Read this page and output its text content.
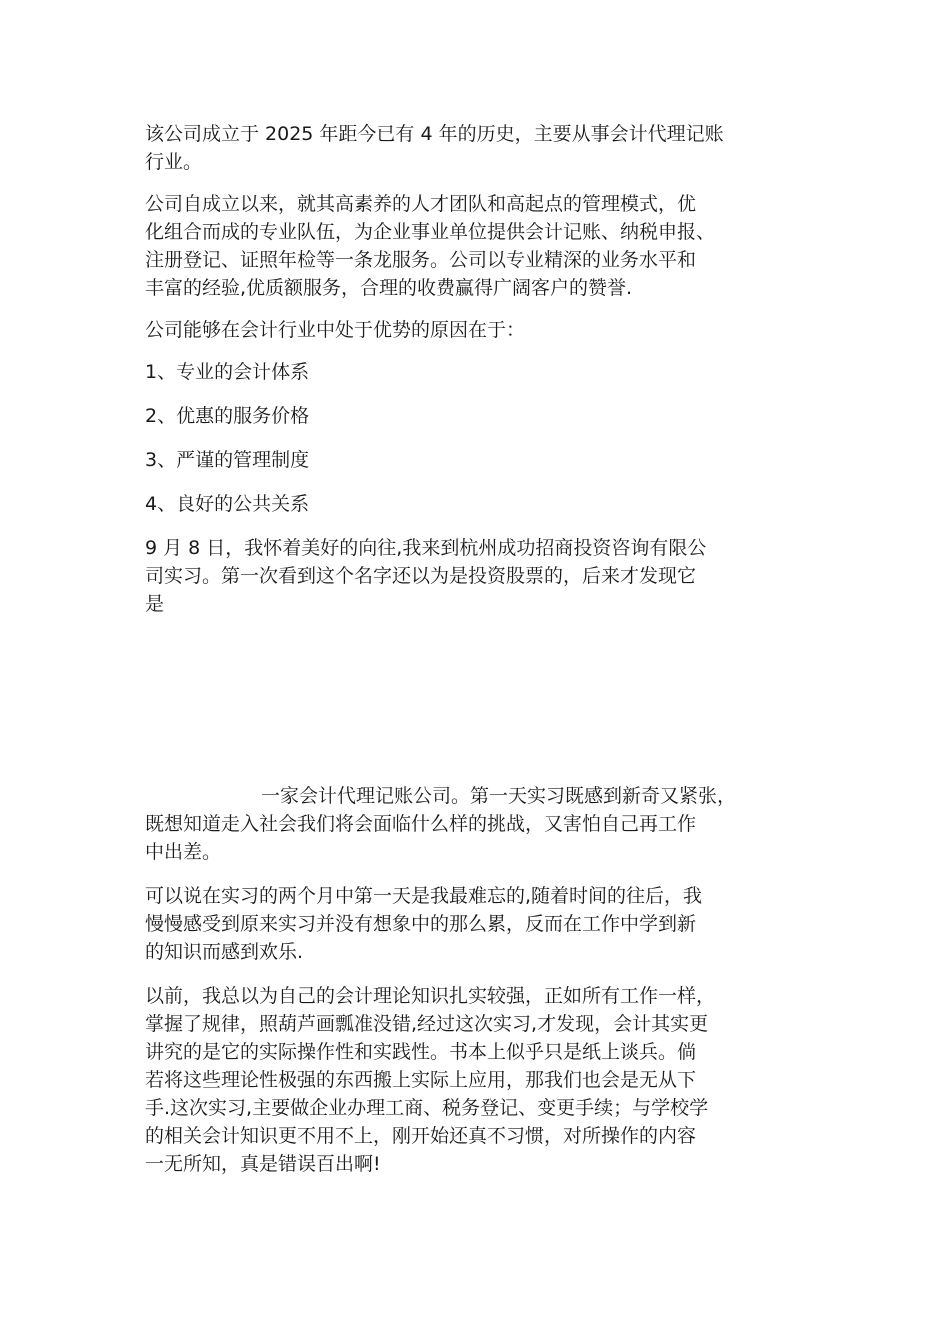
该公司成立于 2025 年距今已有 4 年的历史，主要从事会计代理记账
行业。

公司自成立以来，就其高素养的人才团队和高起点的管理模式，优
化组合而成的专业队伍，为企业事业单位提供会计记账、纳税申报、
注册登记、证照年检等一条龙服务。公司以专业精深的业务水平和
丰富的经验,优质额服务，合理的收费赢得广阔客户的赞誉.

公司能够在会计行业中处于优势的原因在于：

1、专业的会计体系

2、优惠的服务价格

3、严谨的管理制度

4、良好的公共关系

9 月 8 日，我怀着美好的向往,我来到杭州成功招商投资咨询有限公
司实习。第一次看到这个名字还以为是投资股票的，后来才发现它
是

一家会计代理记账公司。第一天实习既感到新奇又紧张，
既想知道走入社会我们将会面临什么样的挑战，又害怕自己再工作
中出差。

可以说在实习的两个月中第一天是我最难忘的,随着时间的往后，我
慢慢感受到原来实习并没有想象中的那么累，反而在工作中学到新
的知识而感到欢乐.

以前，我总以为自己的会计理论知识扎实较强，正如所有工作一样，
掌握了规律，照葫芦画瓢准没错,经过这次实习,才发现，会计其实更
讲究的是它的实际操作性和实践性。书本上似乎只是纸上谈兵。倘
若将这些理论性极强的东西搬上实际上应用，那我们也会是无从下
手.这次实习,主要做企业办理工商、税务登记、变更手续；与学校学
的相关会计知识更不用不上，刚开始还真不习惯，对所操作的内容
一无所知，真是错误百出啊!
